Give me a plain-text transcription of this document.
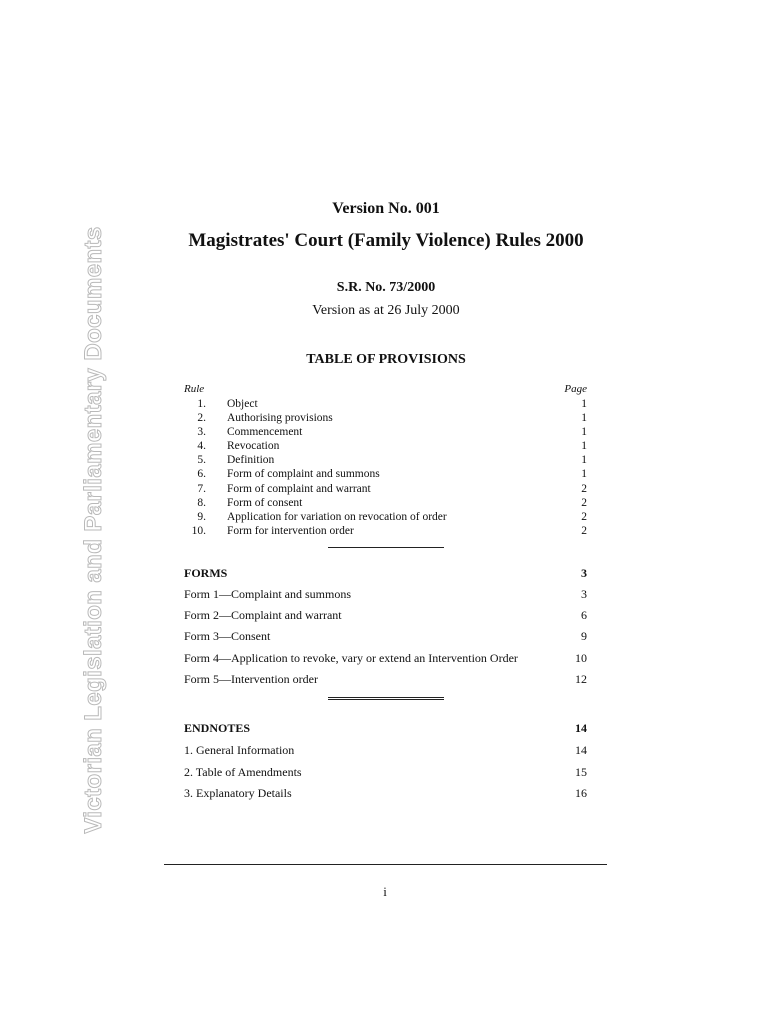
Victorian Legislation and Parliamentary Documents
Version No. 001
Magistrates' Court (Family Violence) Rules 2000
S.R. No. 73/2000
Version as at 26 July 2000
TABLE OF PROVISIONS
Rule	Page
1. Object	1
2. Authorising provisions	1
3. Commencement	1
4. Revocation	1
5. Definition	1
6. Form of complaint and summons	1
7. Form of complaint and warrant	2
8. Form of consent	2
9. Application for variation on revocation of order	2
10. Form for intervention order	2
FORMS	3
Form 1—Complaint and summons	3
Form 2—Complaint and warrant	6
Form 3—Consent	9
Form 4—Application to revoke, vary or extend an Intervention Order	10
Form 5—Intervention order	12
ENDNOTES	14
1. General Information	14
2. Table of Amendments	15
3. Explanatory Details	16
i
